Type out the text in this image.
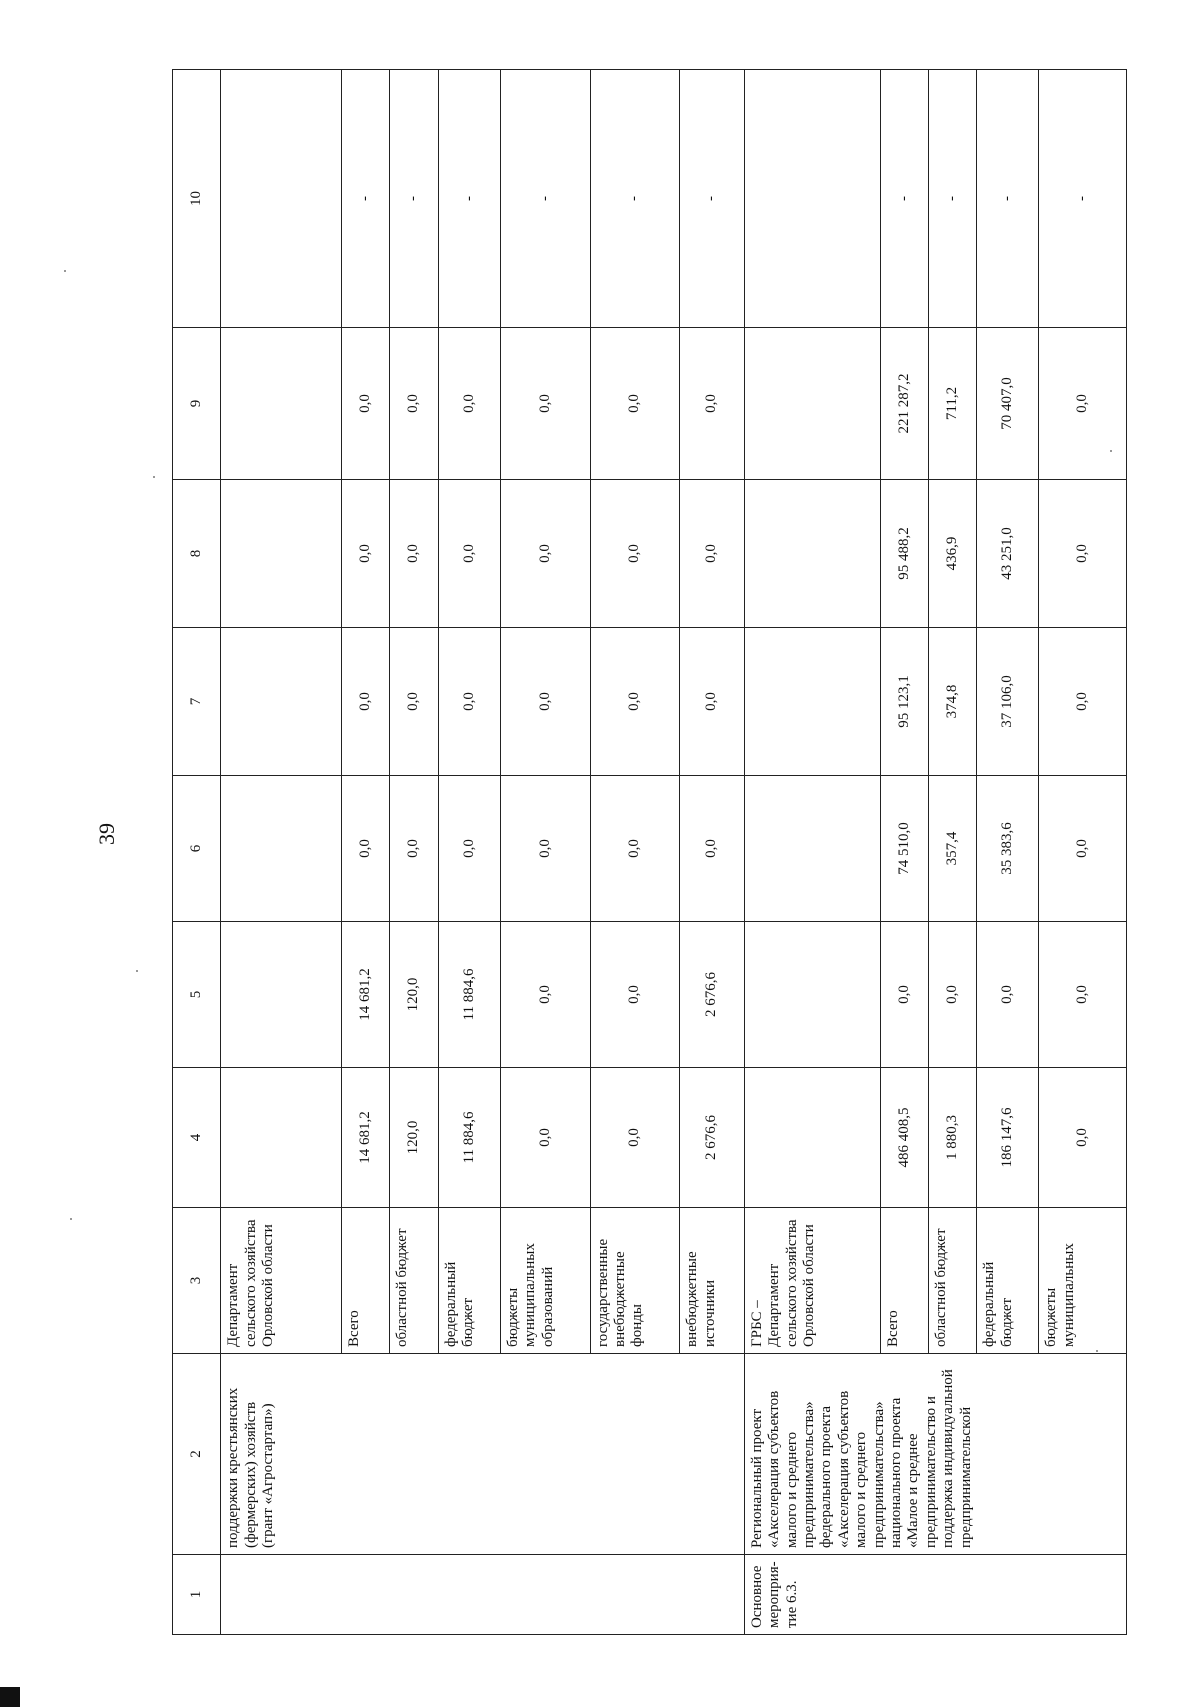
39
1	2	3	4	5	6	7	8	9	10
	поддержки крестьянских (фермерских) хозяйств (грант «Агростартап»)	Департамент сельского хозяйства Орловской области							
		Всего	14 681,2	14 681,2	0,0	0,0	0,0	0,0	-
		областной бюджет	120,0	120,0	0,0	0,0	0,0	0,0	-
		федеральный бюджет	11 884,6	11 884,6	0,0	0,0	0,0	0,0	-
		бюджеты муниципальных образований	0,0	0,0	0,0	0,0	0,0	0,0	-
		государственные внебюджетные фонды	0,0	0,0	0,0	0,0	0,0	0,0	-
		внебюджетные источники	2 676,6	2 676,6	0,0	0,0	0,0	0,0	-
Основное мероприя-тие 6.3.	Региональный проект «Акселерация субъектов малого и среднего предпринимательства» федерального проекта «Акселерация субъектов малого и среднего предпринимательства» национального проекта «Малое и среднее предпринимательство и поддержка индивидуальной предпринимательской	ГРБС – Департамент сельского хозяйства Орловской области							
		Всего	486 408,5	0,0	74 510,0	95 123,1	95 488,2	221 287,2	-
		областной бюджет	1 880,3	0,0	357,4	374,8	436,9	711,2	-
		федеральный бюджет	186 147,6	0,0	35 383,6	37 106,0	43 251,0	70 407,0	-
		бюджеты муниципальных	0,0	0,0	0,0	0,0	0,0	0,0	-
